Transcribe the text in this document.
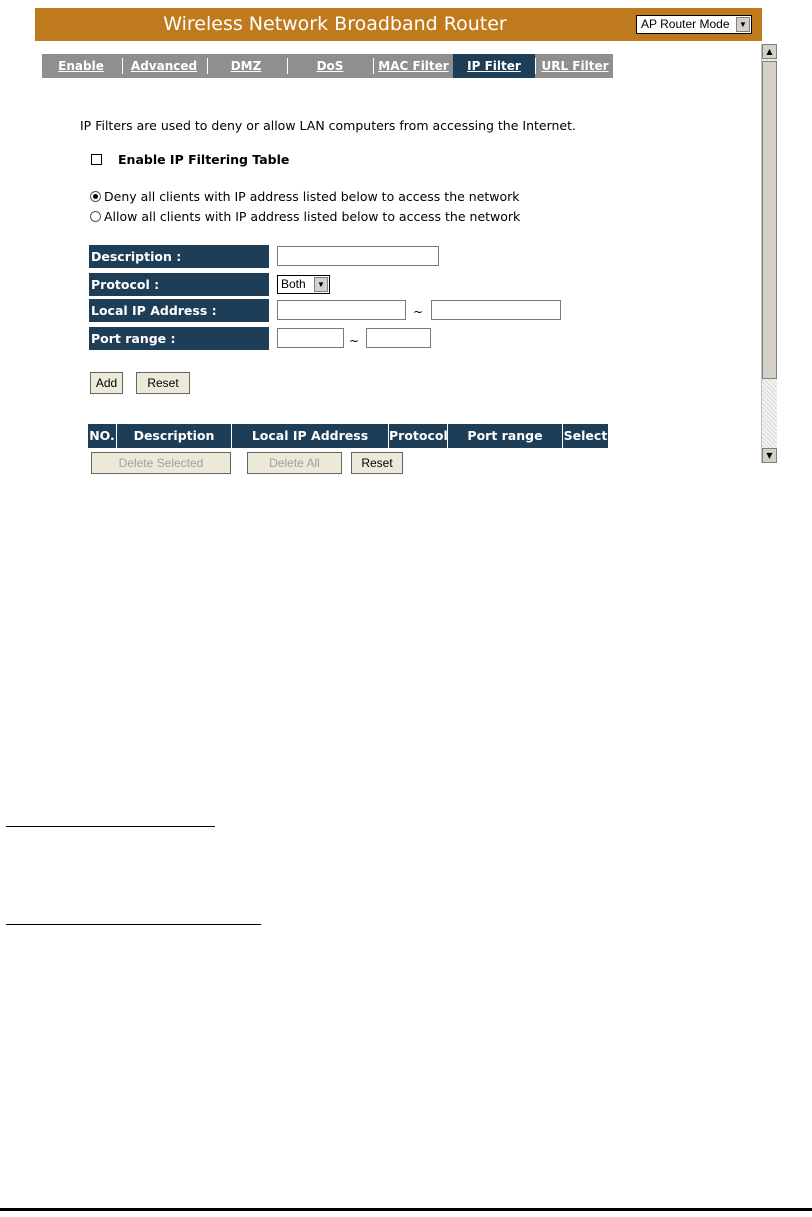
Wireless Network Broadband Router	AP Router Mode	▼
Enable	Advanced	DMZ	DoS	MAC Filter	IP Filter	URL Filter
IP Filters are used to deny or allow LAN computers from accessing the Internet.
Enable IP Filtering Table
Deny all clients with IP address listed below to access the network
Allow all clients with IP address listed below to access the network
Description :
Protocol :	Both	▼
Local IP Address :	~
Port range :	~
Add	Reset
NO.	Description	Local IP Address	Protocol	Port range	Select
Delete Selected	Delete All	Reset
▲
▼
